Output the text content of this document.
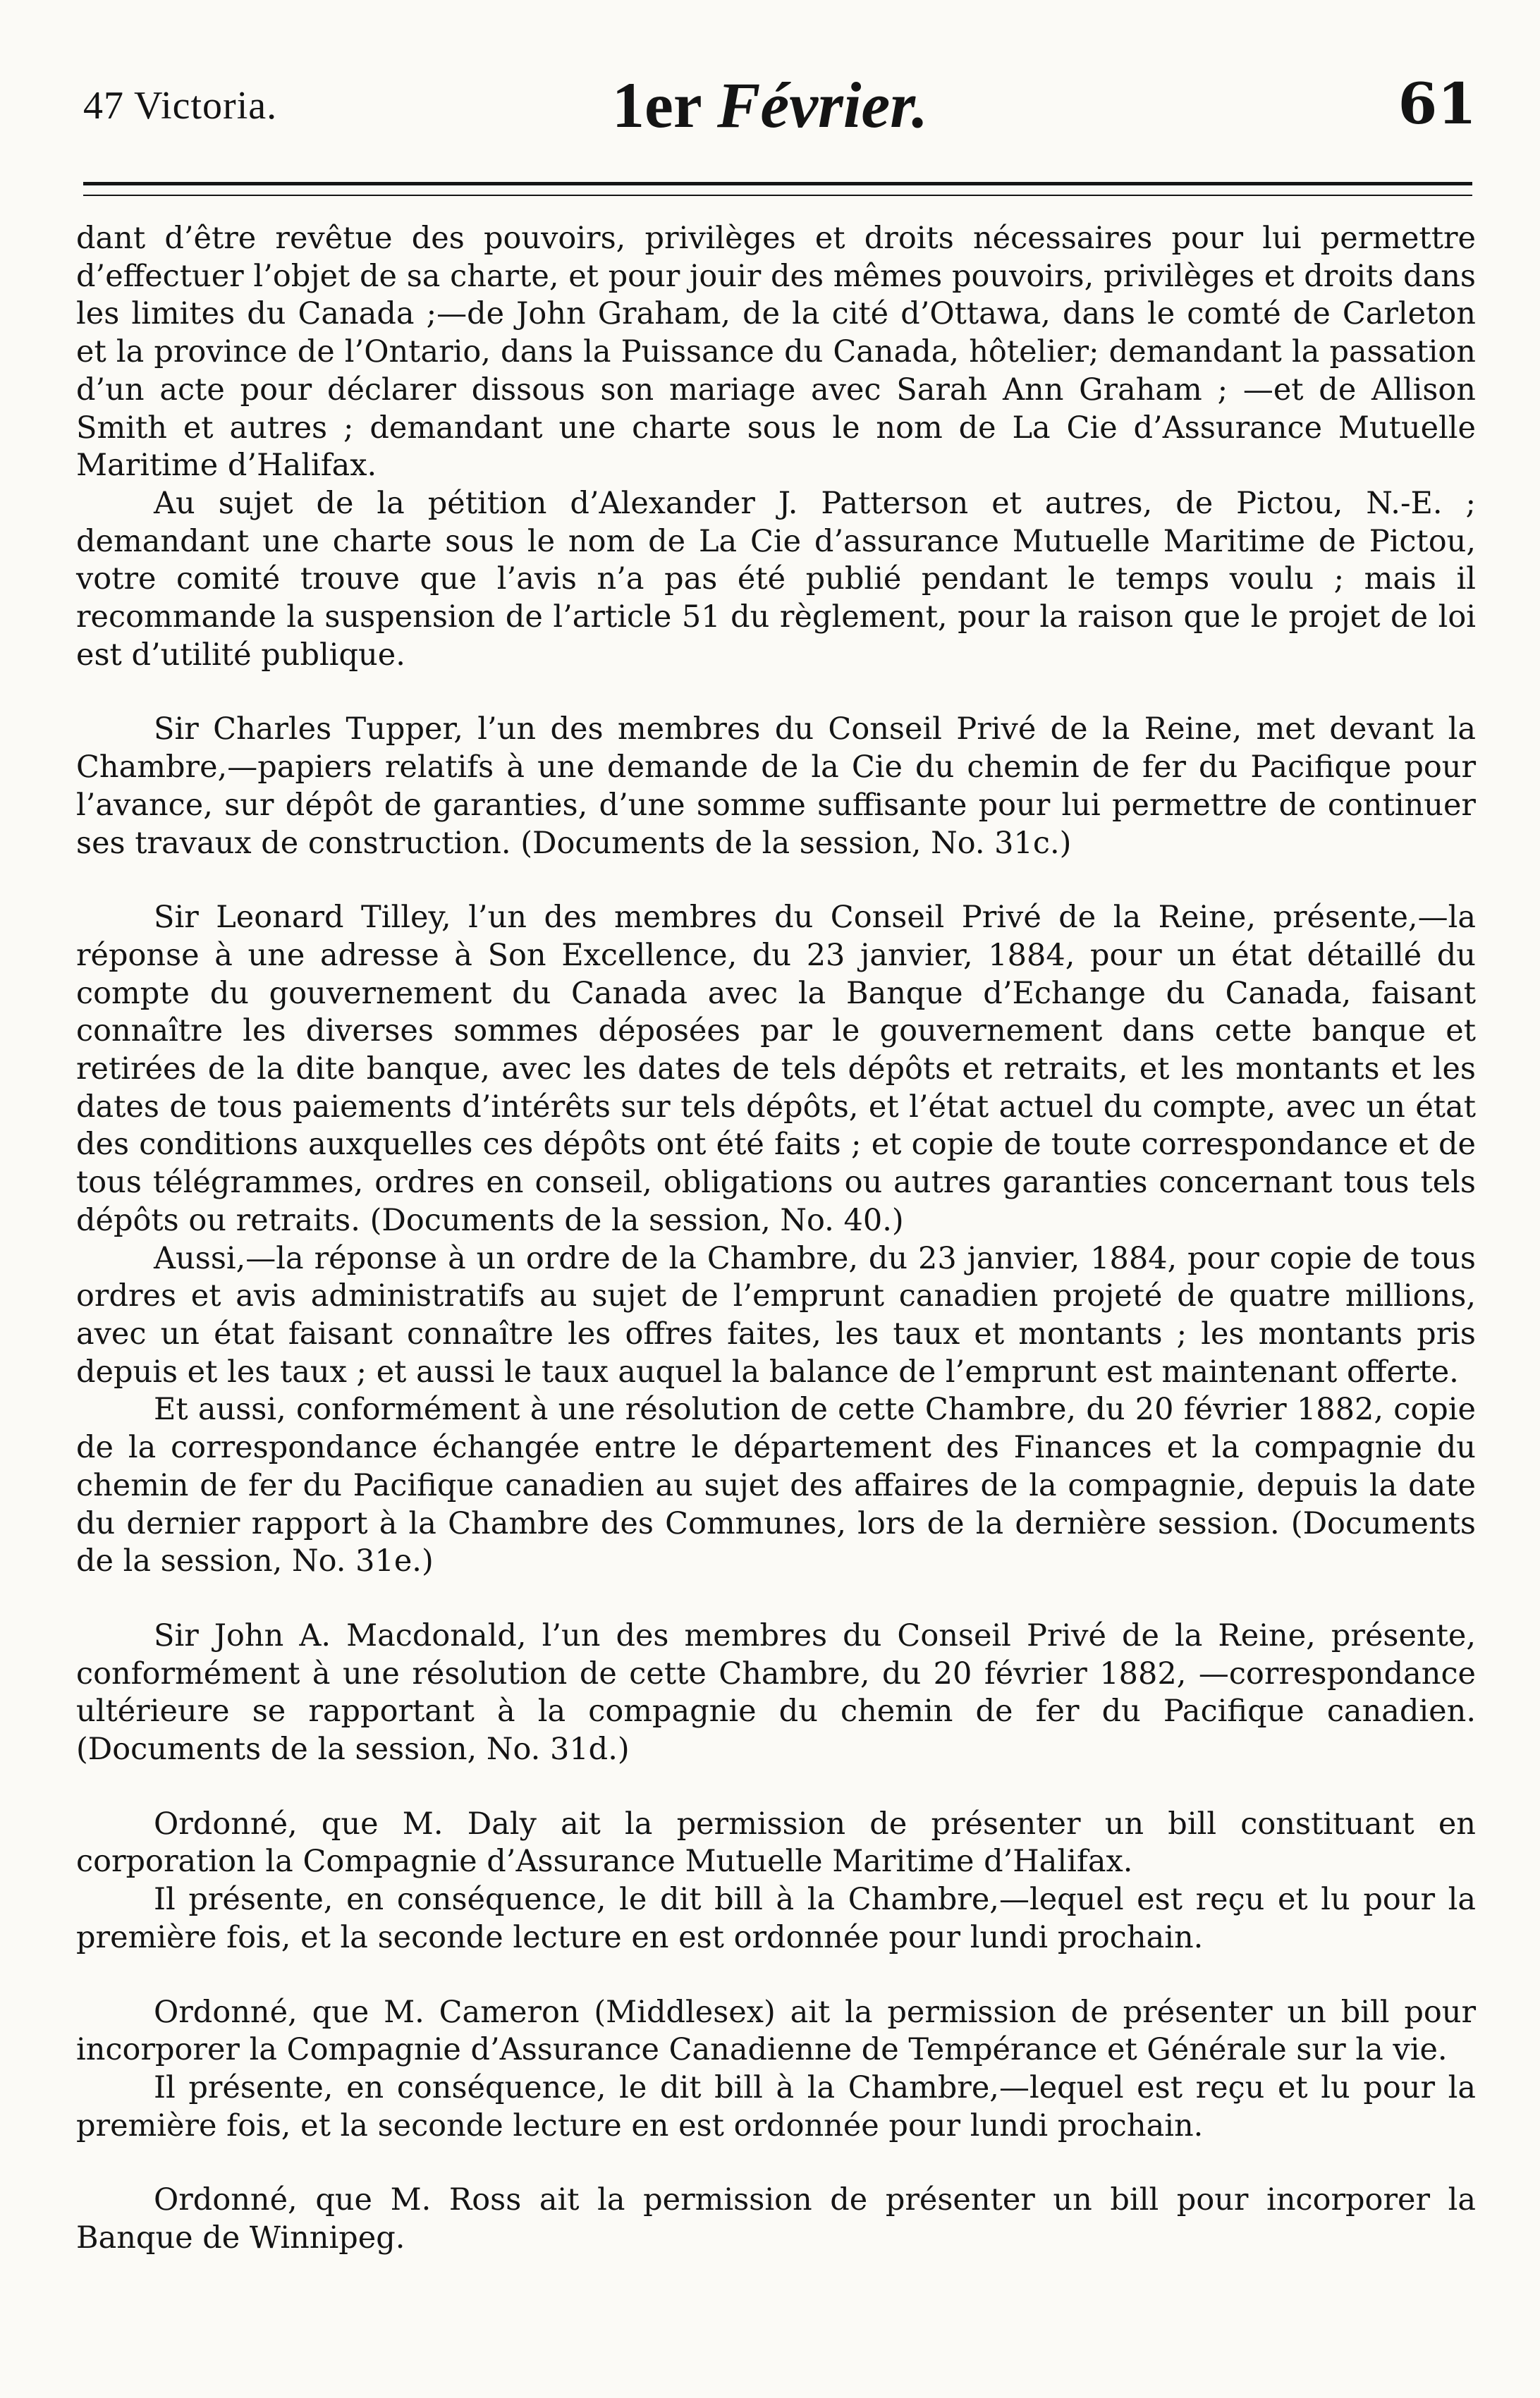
47 Victoria.	1er Février.	61

dant d’être revêtue des pouvoirs, privilèges et droits nécessaires pour lui permettre d’effectuer l’objet de sa charte, et pour jouir des mêmes pouvoirs, privilèges et droits dans les limites du Canada ;—de John Graham, de la cité d’Ottawa, dans le comté de Carleton et la province de l’Ontario, dans la Puissance du Canada, hôtelier; demandant la passation d’un acte pour déclarer dissous son mariage avec Sarah Ann Graham ; —et de Allison Smith et autres ; demandant une charte sous le nom de La Cie d’Assurance Mutuelle Maritime d’Halifax.

Au sujet de la pétition d’Alexander J. Patterson et autres, de Pictou, N.-E. ; demandant une charte sous le nom de La Cie d’assurance Mutuelle Maritime de Pictou, votre comité trouve que l’avis n’a pas été publié pendant le temps voulu ; mais il recommande la suspension de l’article 51 du règlement, pour la raison que le projet de loi est d’utilité publique.

Sir Charles Tupper, l’un des membres du Conseil Privé de la Reine, met devant la Chambre,—papiers relatifs à une demande de la Cie du chemin de fer du Pacifique pour l’avance, sur dépôt de garanties, d’une somme suffisante pour lui permettre de continuer ses travaux de construction. (Documents de la session, No. 31c.)

Sir Leonard Tilley, l’un des membres du Conseil Privé de la Reine, présente,—la réponse à une adresse à Son Excellence, du 23 janvier, 1884, pour un état détaillé du compte du gouvernement du Canada avec la Banque d’Echange du Canada, faisant connaître les diverses sommes déposées par le gouvernement dans cette banque et retirées de la dite banque, avec les dates de tels dépôts et retraits, et les montants et les dates de tous paiements d’intérêts sur tels dépôts, et l’état actuel du compte, avec un état des conditions auxquelles ces dépôts ont été faits ; et copie de toute correspondance et de tous télégrammes, ordres en conseil, obligations ou autres garanties concernant tous tels dépôts ou retraits. (Documents de la session, No. 40.)

Aussi,—la réponse à un ordre de la Chambre, du 23 janvier, 1884, pour copie de tous ordres et avis administratifs au sujet de l’emprunt canadien projeté de quatre millions, avec un état faisant connaître les offres faites, les taux et montants ; les montants pris depuis et les taux ; et aussi le taux auquel la balance de l’emprunt est maintenant offerte.

Et aussi, conformément à une résolution de cette Chambre, du 20 février 1882, copie de la correspondance échangée entre le département des Finances et la compagnie du chemin de fer du Pacifique canadien au sujet des affaires de la compagnie, depuis la date du dernier rapport à la Chambre des Communes, lors de la dernière session. (Documents de la session, No. 31e.)

Sir John A. Macdonald, l’un des membres du Conseil Privé de la Reine, présente, conformément à une résolution de cette Chambre, du 20 février 1882, —correspondance ultérieure se rapportant à la compagnie du chemin de fer du Pacifique canadien. (Documents de la session, No. 31d.)

Ordonné, que M. Daly ait la permission de présenter un bill constituant en corporation la Compagnie d’Assurance Mutuelle Maritime d’Halifax.

Il présente, en conséquence, le dit bill à la Chambre,—lequel est reçu et lu pour la première fois, et la seconde lecture en est ordonnée pour lundi prochain.

Ordonné, que M. Cameron (Middlesex) ait la permission de présenter un bill pour incorporer la Compagnie d’Assurance Canadienne de Tempérance et Générale sur la vie.

Il présente, en conséquence, le dit bill à la Chambre,—lequel est reçu et lu pour la première fois, et la seconde lecture en est ordonnée pour lundi prochain.

Ordonné, que M. Ross ait la permission de présenter un bill pour incorporer la Banque de Winnipeg.
